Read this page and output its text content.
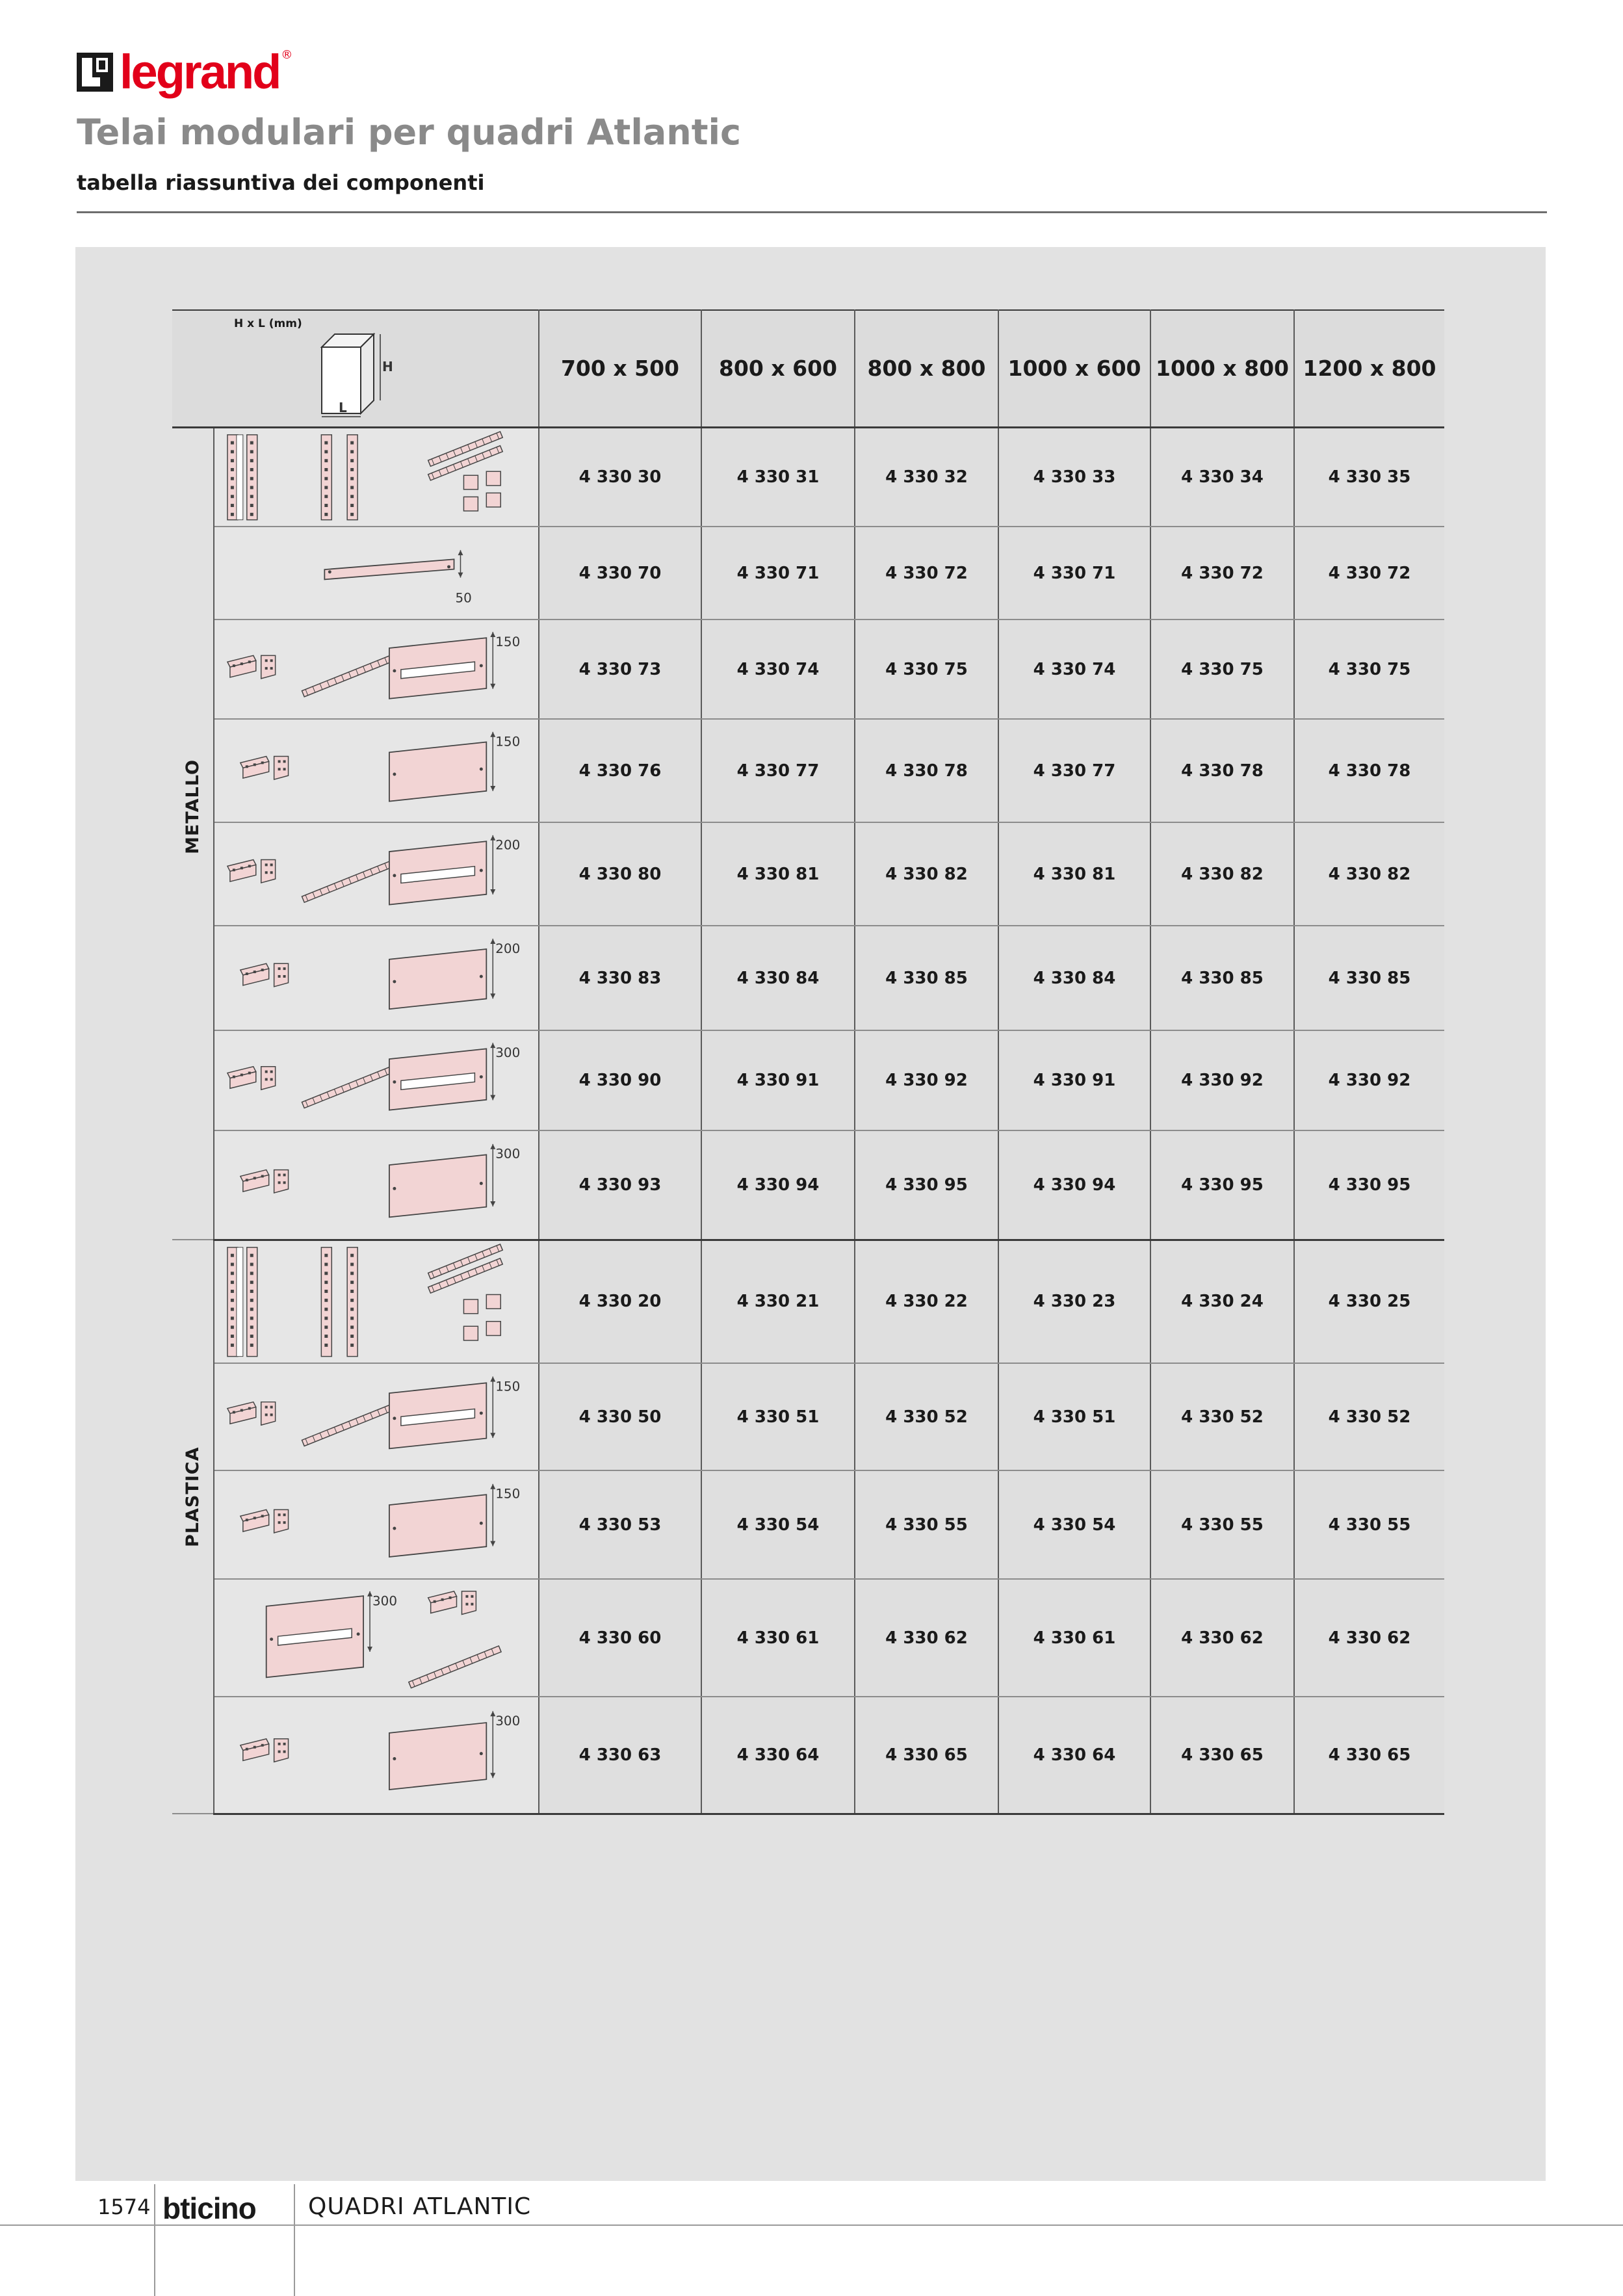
legrand ®
Telai modulari per quadri Atlantic
tabella riassuntiva dei componenti
H x L (mm)
H
L		700 x 500	800 x 600	800 x 800	1000 x 600	1000 x 800	1200 x 800

METALLO		4 330 30	4 330 31	4 330 32	4 330 33	4 330 34	4 330 35

50	4 330 70	4 330 71	4 330 72	4 330 71	4 330 72	4 330 72

150	4 330 73	4 330 74	4 330 75	4 330 74	4 330 75	4 330 75

150	4 330 76	4 330 77	4 330 78	4 330 77	4 330 78	4 330 78

200	4 330 80	4 330 81	4 330 82	4 330 81	4 330 82	4 330 82

200	4 330 83	4 330 84	4 330 85	4 330 84	4 330 85	4 330 85

300	4 330 90	4 330 91	4 330 92	4 330 91	4 330 92	4 330 92

300	4 330 93	4 330 94	4 330 95	4 330 94	4 330 95	4 330 95

PLASTICA		4 330 20	4 330 21	4 330 22	4 330 23	4 330 24	4 330 25

150	4 330 50	4 330 51	4 330 52	4 330 51	4 330 52	4 330 52

150	4 330 53	4 330 54	4 330 55	4 330 54	4 330 55	4 330 55

300	4 330 60	4 330 61	4 330 62	4 330 61	4 330 62	4 330 62

300	4 330 63	4 330 64	4 330 65	4 330 64	4 330 65	4 330 65
1574 bticino QUADRI ATLANTIC
